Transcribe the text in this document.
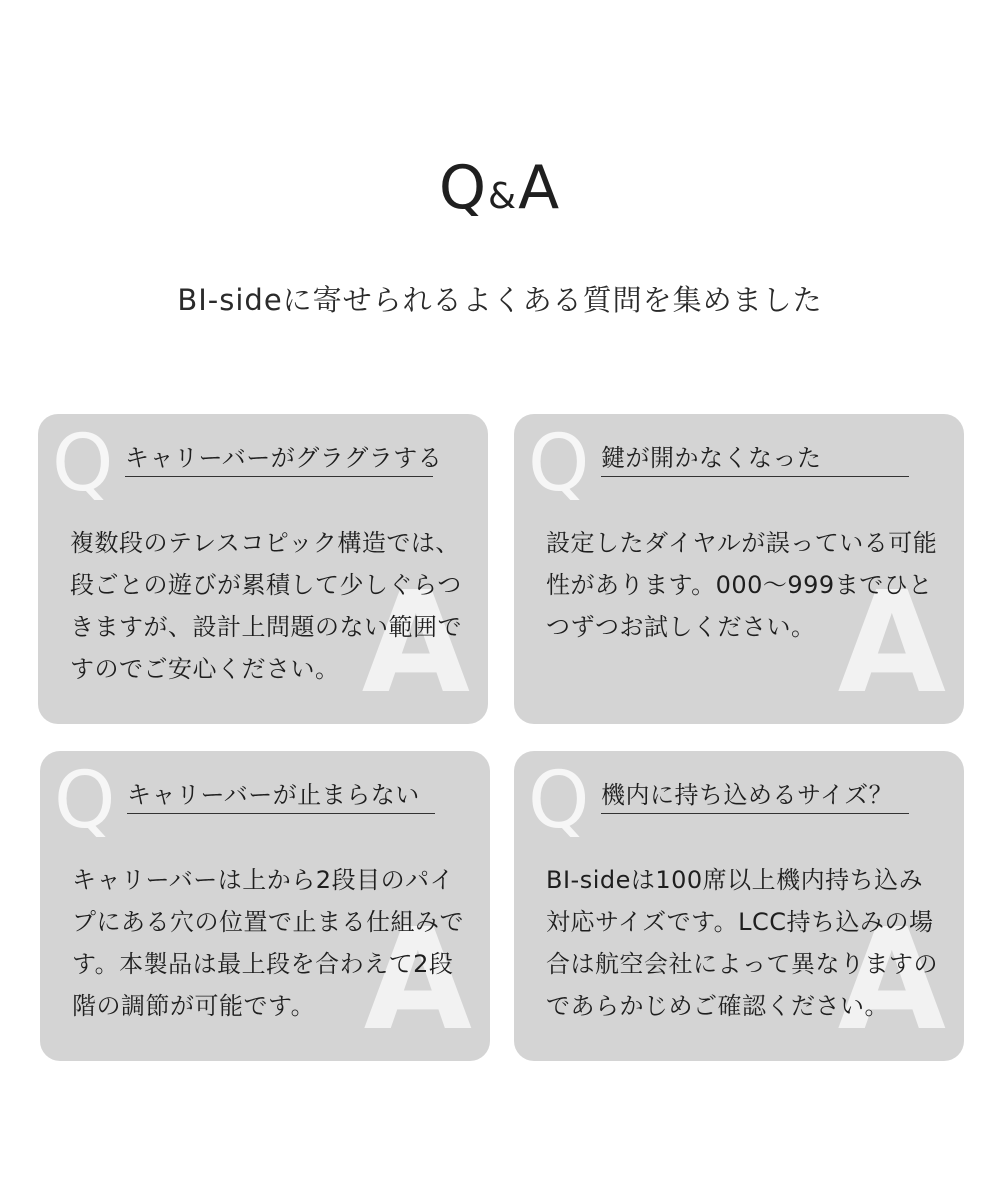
Q&A
BI-sideに寄せられるよくある質問を集めました
Q
A
キャリーバーがグラグラする
複数段のテレスコピック構造では、段ごとの遊びが累積して少しぐらつきますが、設計上問題のない範囲ですのでご安心ください。
Q
A
鍵が開かなくなった
設定したダイヤルが誤っている可能性があります。000〜999までひとつずつお試しください。
Q
A
キャリーバーが止まらない
キャリーバーは上から2段目のパイプにある穴の位置で止まる仕組みです。本製品は最上段を合わえて2段階の調節が可能です。
Q
A
機内に持ち込めるサイズ？
BI-sideは100席以上機内持ち込み対応サイズです。LCC持ち込みの場合は航空会社によって異なりますのであらかじめご確認ください。
